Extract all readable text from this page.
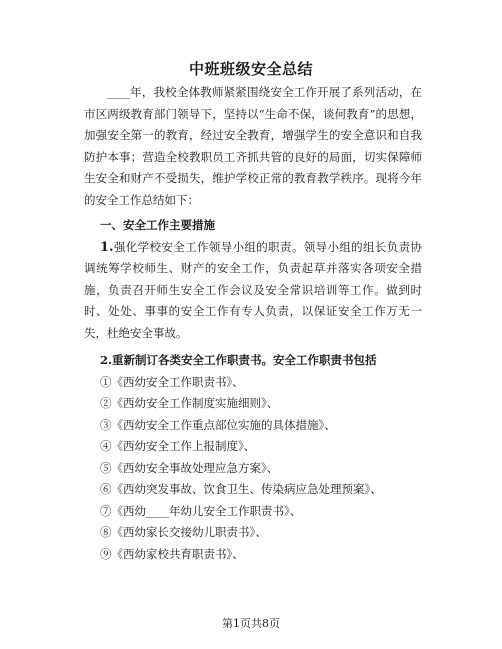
中班班级安全总结

____年，我校全体教师紧紧围绕安全工作开展了系列活动，在市区两级教育部门领导下，坚持以“生命不保，谈何教育”的思想，加强安全第一的教育，经过安全教育，增强学生的安全意识和自我防护本事；营造全校教职员工齐抓共管的良好的局面，切实保障师生安全和财产不受损失，维护学校正常的教育教学秩序。现将今年的安全工作总结如下：

一、安全工作主要措施

1.强化学校安全工作领导小组的职责。领导小组的组长负责协调统筹学校师生、财产的安全工作，负责起草并落实各项安全措施，负责召开师生安全工作会议及安全常识培训等工作。做到时时、处处、事事的安全工作有专人负责，以保证安全工作万无一失，杜绝安全事故。

2.重新制订各类安全工作职责书。安全工作职责书包括

①《西幼安全工作职责书》、
②《西幼安全工作制度实施细则》、
③《西幼安全工作重点部位实施的具体措施》、
④《西幼安全工作上报制度》、
⑤《西幼安全事故处理应急方案》、
⑥《西幼突发事故、饮食卫生、传染病应急处理预案》、
⑦《西幼____年幼儿安全工作职责书》、
⑧《西幼家长交接幼儿职责书》、
⑨《西幼家校共育职责书》、
第1页共8页
